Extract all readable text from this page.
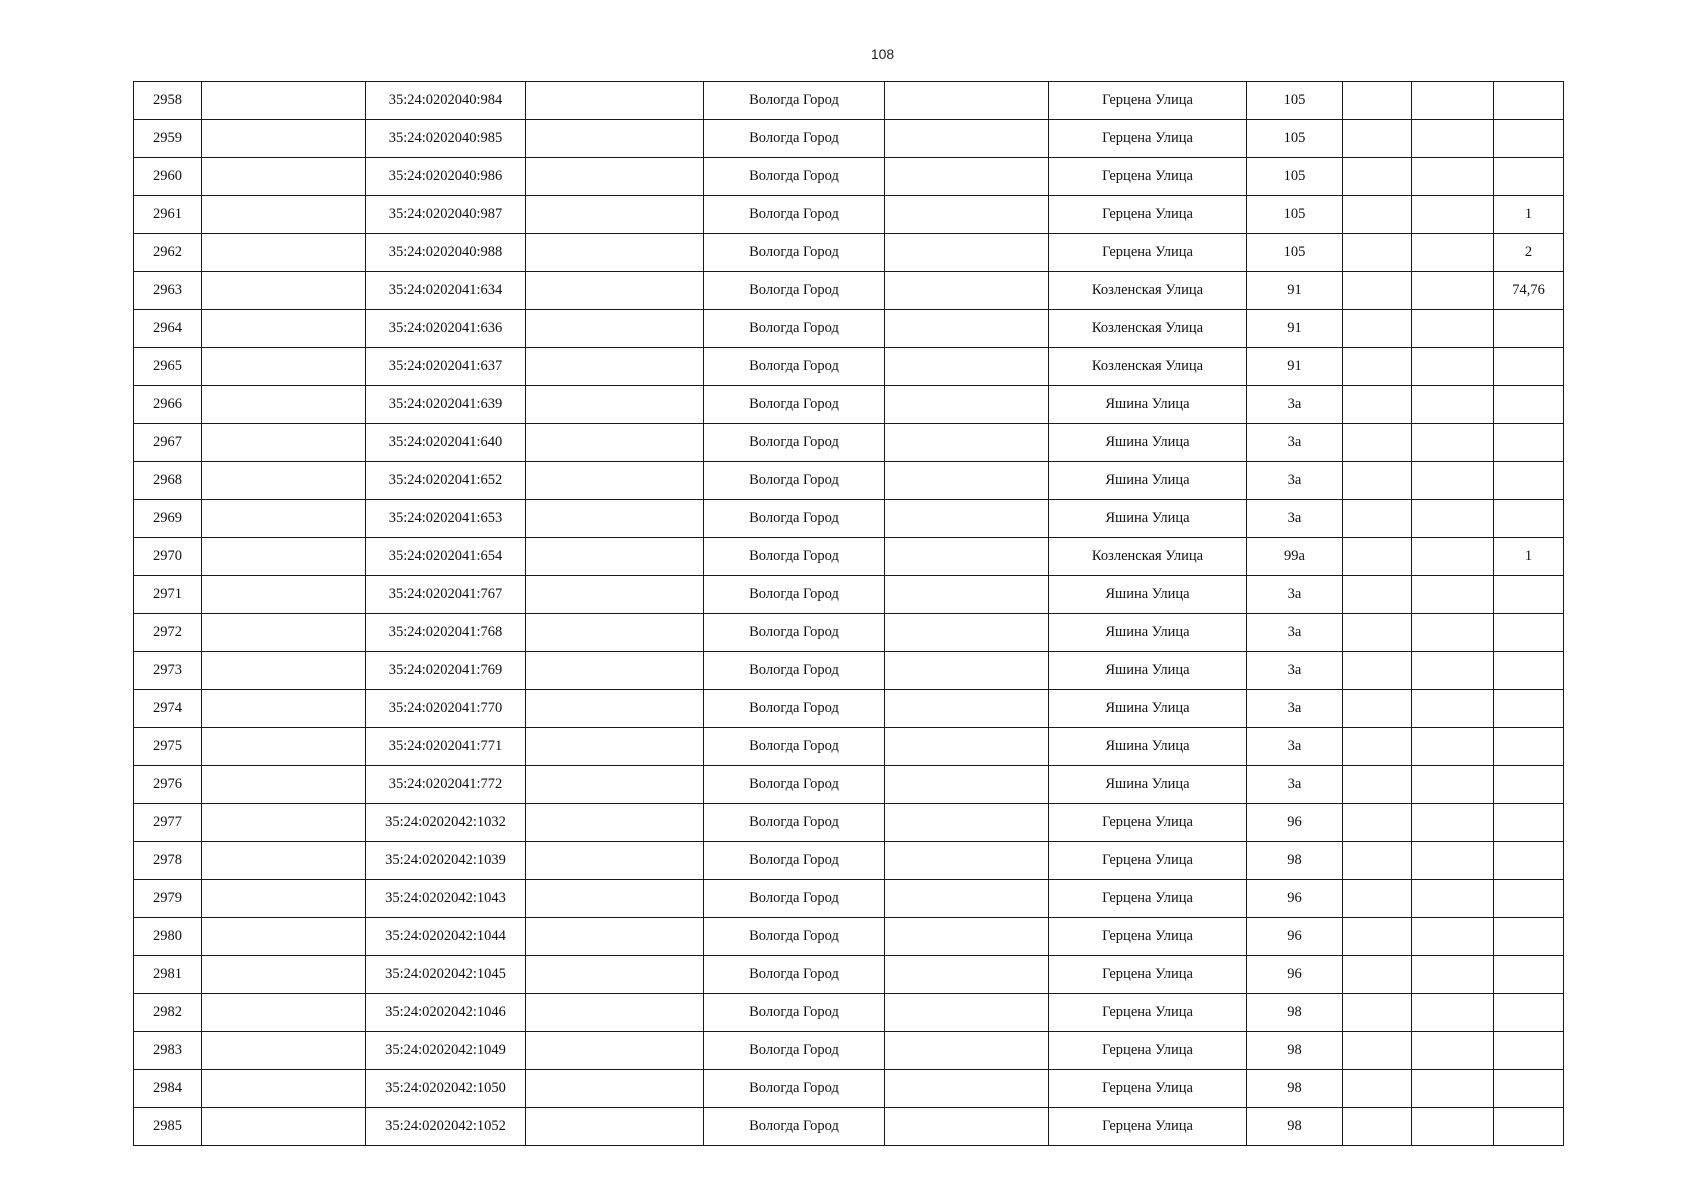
108
2958		35:24:0202040:984		Вологда Город		Герцена Улица	105			
2959		35:24:0202040:985		Вологда Город		Герцена Улица	105			
2960		35:24:0202040:986		Вологда Город		Герцена Улица	105			
2961		35:24:0202040:987		Вологда Город		Герцена Улица	105			1
2962		35:24:0202040:988		Вологда Город		Герцена Улица	105			2
2963		35:24:0202041:634		Вологда Город		Козленская Улица	91			74,76
2964		35:24:0202041:636		Вологда Город		Козленская Улица	91			
2965		35:24:0202041:637		Вологда Город		Козленская Улица	91			
2966		35:24:0202041:639		Вологда Город		Яшина Улица	3а			
2967		35:24:0202041:640		Вологда Город		Яшина Улица	3а			
2968		35:24:0202041:652		Вологда Город		Яшина Улица	3а			
2969		35:24:0202041:653		Вологда Город		Яшина Улица	3а			
2970		35:24:0202041:654		Вологда Город		Козленская Улица	99а			1
2971		35:24:0202041:767		Вологда Город		Яшина Улица	3а			
2972		35:24:0202041:768		Вологда Город		Яшина Улица	3а			
2973		35:24:0202041:769		Вологда Город		Яшина Улица	3а			
2974		35:24:0202041:770		Вологда Город		Яшина Улица	3а			
2975		35:24:0202041:771		Вологда Город		Яшина Улица	3а			
2976		35:24:0202041:772		Вологда Город		Яшина Улица	3а			
2977		35:24:0202042:1032		Вологда Город		Герцена Улица	96			
2978		35:24:0202042:1039		Вологда Город		Герцена Улица	98			
2979		35:24:0202042:1043		Вологда Город		Герцена Улица	96			
2980		35:24:0202042:1044		Вологда Город		Герцена Улица	96			
2981		35:24:0202042:1045		Вологда Город		Герцена Улица	96			
2982		35:24:0202042:1046		Вологда Город		Герцена Улица	98			
2983		35:24:0202042:1049		Вологда Город		Герцена Улица	98			
2984		35:24:0202042:1050		Вологда Город		Герцена Улица	98			
2985		35:24:0202042:1052		Вологда Город		Герцена Улица	98			
